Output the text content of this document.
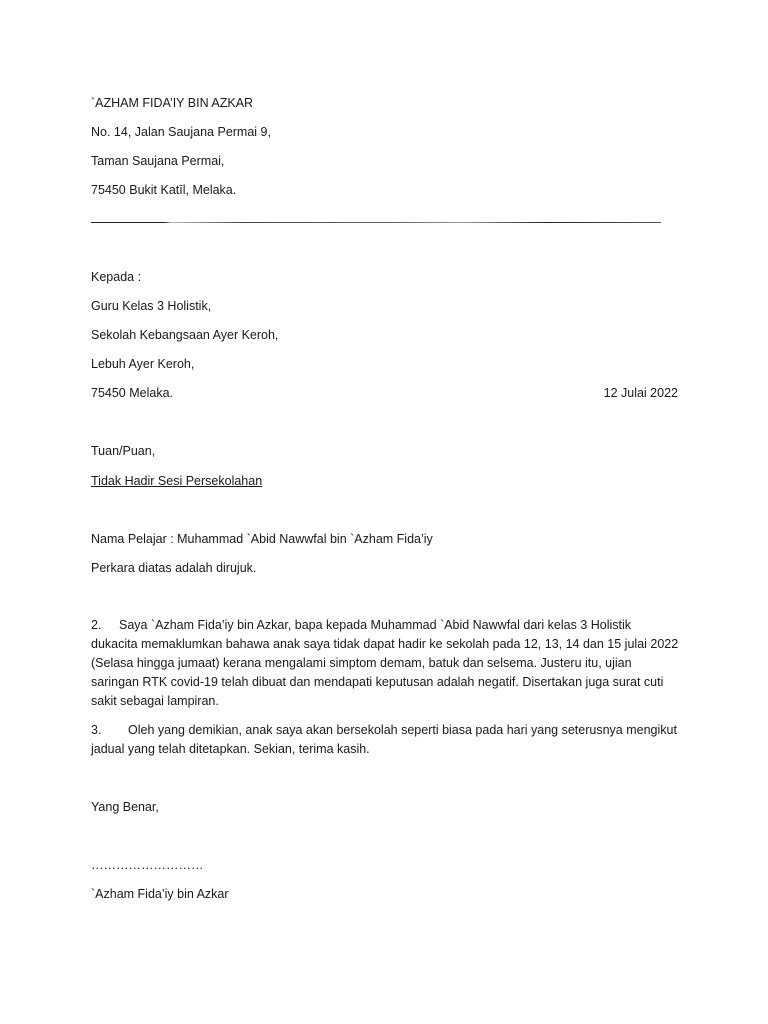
`AZHAM FIDA’IY BIN AZKAR
No. 14, Jalan Saujana Permai 9,
Taman Saujana Permai,
75450 Bukit Katīl, Melaka.
Kepada :
Guru Kelas 3 Holistik,
Sekolah Kebangsaan Ayer Keroh,
Lebuh Ayer Keroh,
75450 Melaka.	12 Julai 2022
Tuan/Puan,
Tidak Hadir Sesi Persekolahan
Nama Pelajar : Muhammad `Abid Nawwfal bin `Azham Fida’iy
Perkara diatas adalah dirujuk.
2. Saya `Azham Fida’iy bin Azkar, bapa kepada Muhammad `Abid Nawwfal dari kelas 3 Holistik dukacita memaklumkan bahawa anak saya tidak dapat hadir ke sekolah pada 12, 13, 14 dan 15 julai 2022 (Selasa hingga jumaat) kerana mengalami simptom demam, batuk dan selsema. Justeru itu, ujian saringan RTK covid-19 telah dibuat dan mendapati keputusan adalah negatif. Disertakan juga surat cuti sakit sebagai lampiran.
3. Oleh yang demikian, anak saya akan bersekolah seperti biasa pada hari yang seterusnya mengikut jadual yang telah ditetapkan. Sekian, terima kasih.
Yang Benar,
………………………
`Azham Fida’iy bin Azkar
